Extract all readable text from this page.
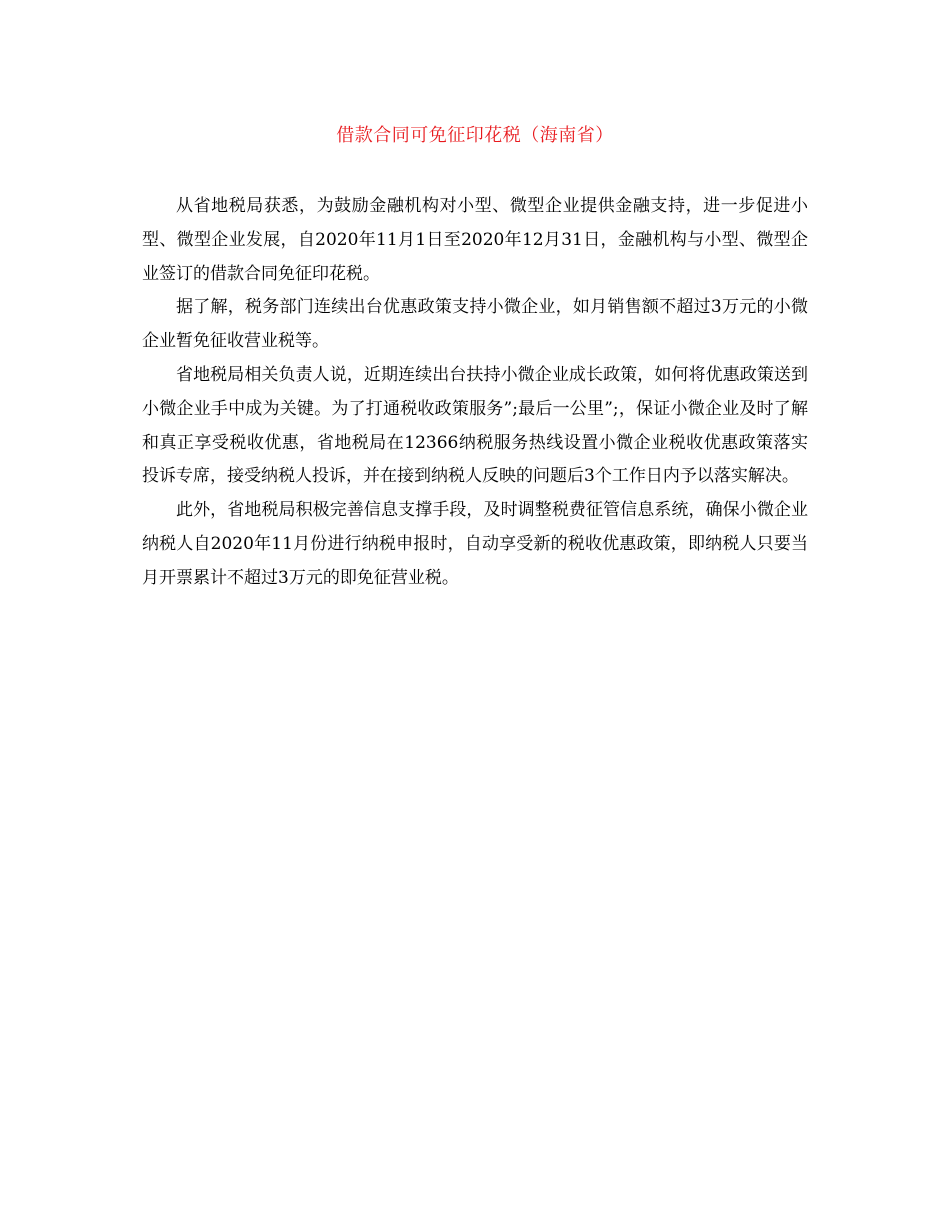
借款合同可免征印花税（海南省）

从省地税局获悉，为鼓励金融机构对小型、微型企业提供金融支持，进一步促进小型、微型企业发展，自2020年11月1日至2020年12月31日，金融机构与小型、微型企业签订的借款合同免征印花税。

据了解，税务部门连续出台优惠政策支持小微企业，如月销售额不超过3万元的小微企业暂免征收营业税等。

省地税局相关负责人说，近期连续出台扶持小微企业成长政策，如何将优惠政策送到小微企业手中成为关键。为了打通税收政策服务”;最后一公里”;，保证小微企业及时了解和真正享受税收优惠，省地税局在12366纳税服务热线设置小微企业税收优惠政策落实投诉专席，接受纳税人投诉，并在接到纳税人反映的问题后3个工作日内予以落实解决。

此外，省地税局积极完善信息支撑手段，及时调整税费征管信息系统，确保小微企业纳税人自2020年11月份进行纳税申报时，自动享受新的税收优惠政策，即纳税人只要当月开票累计不超过3万元的即免征营业税。
